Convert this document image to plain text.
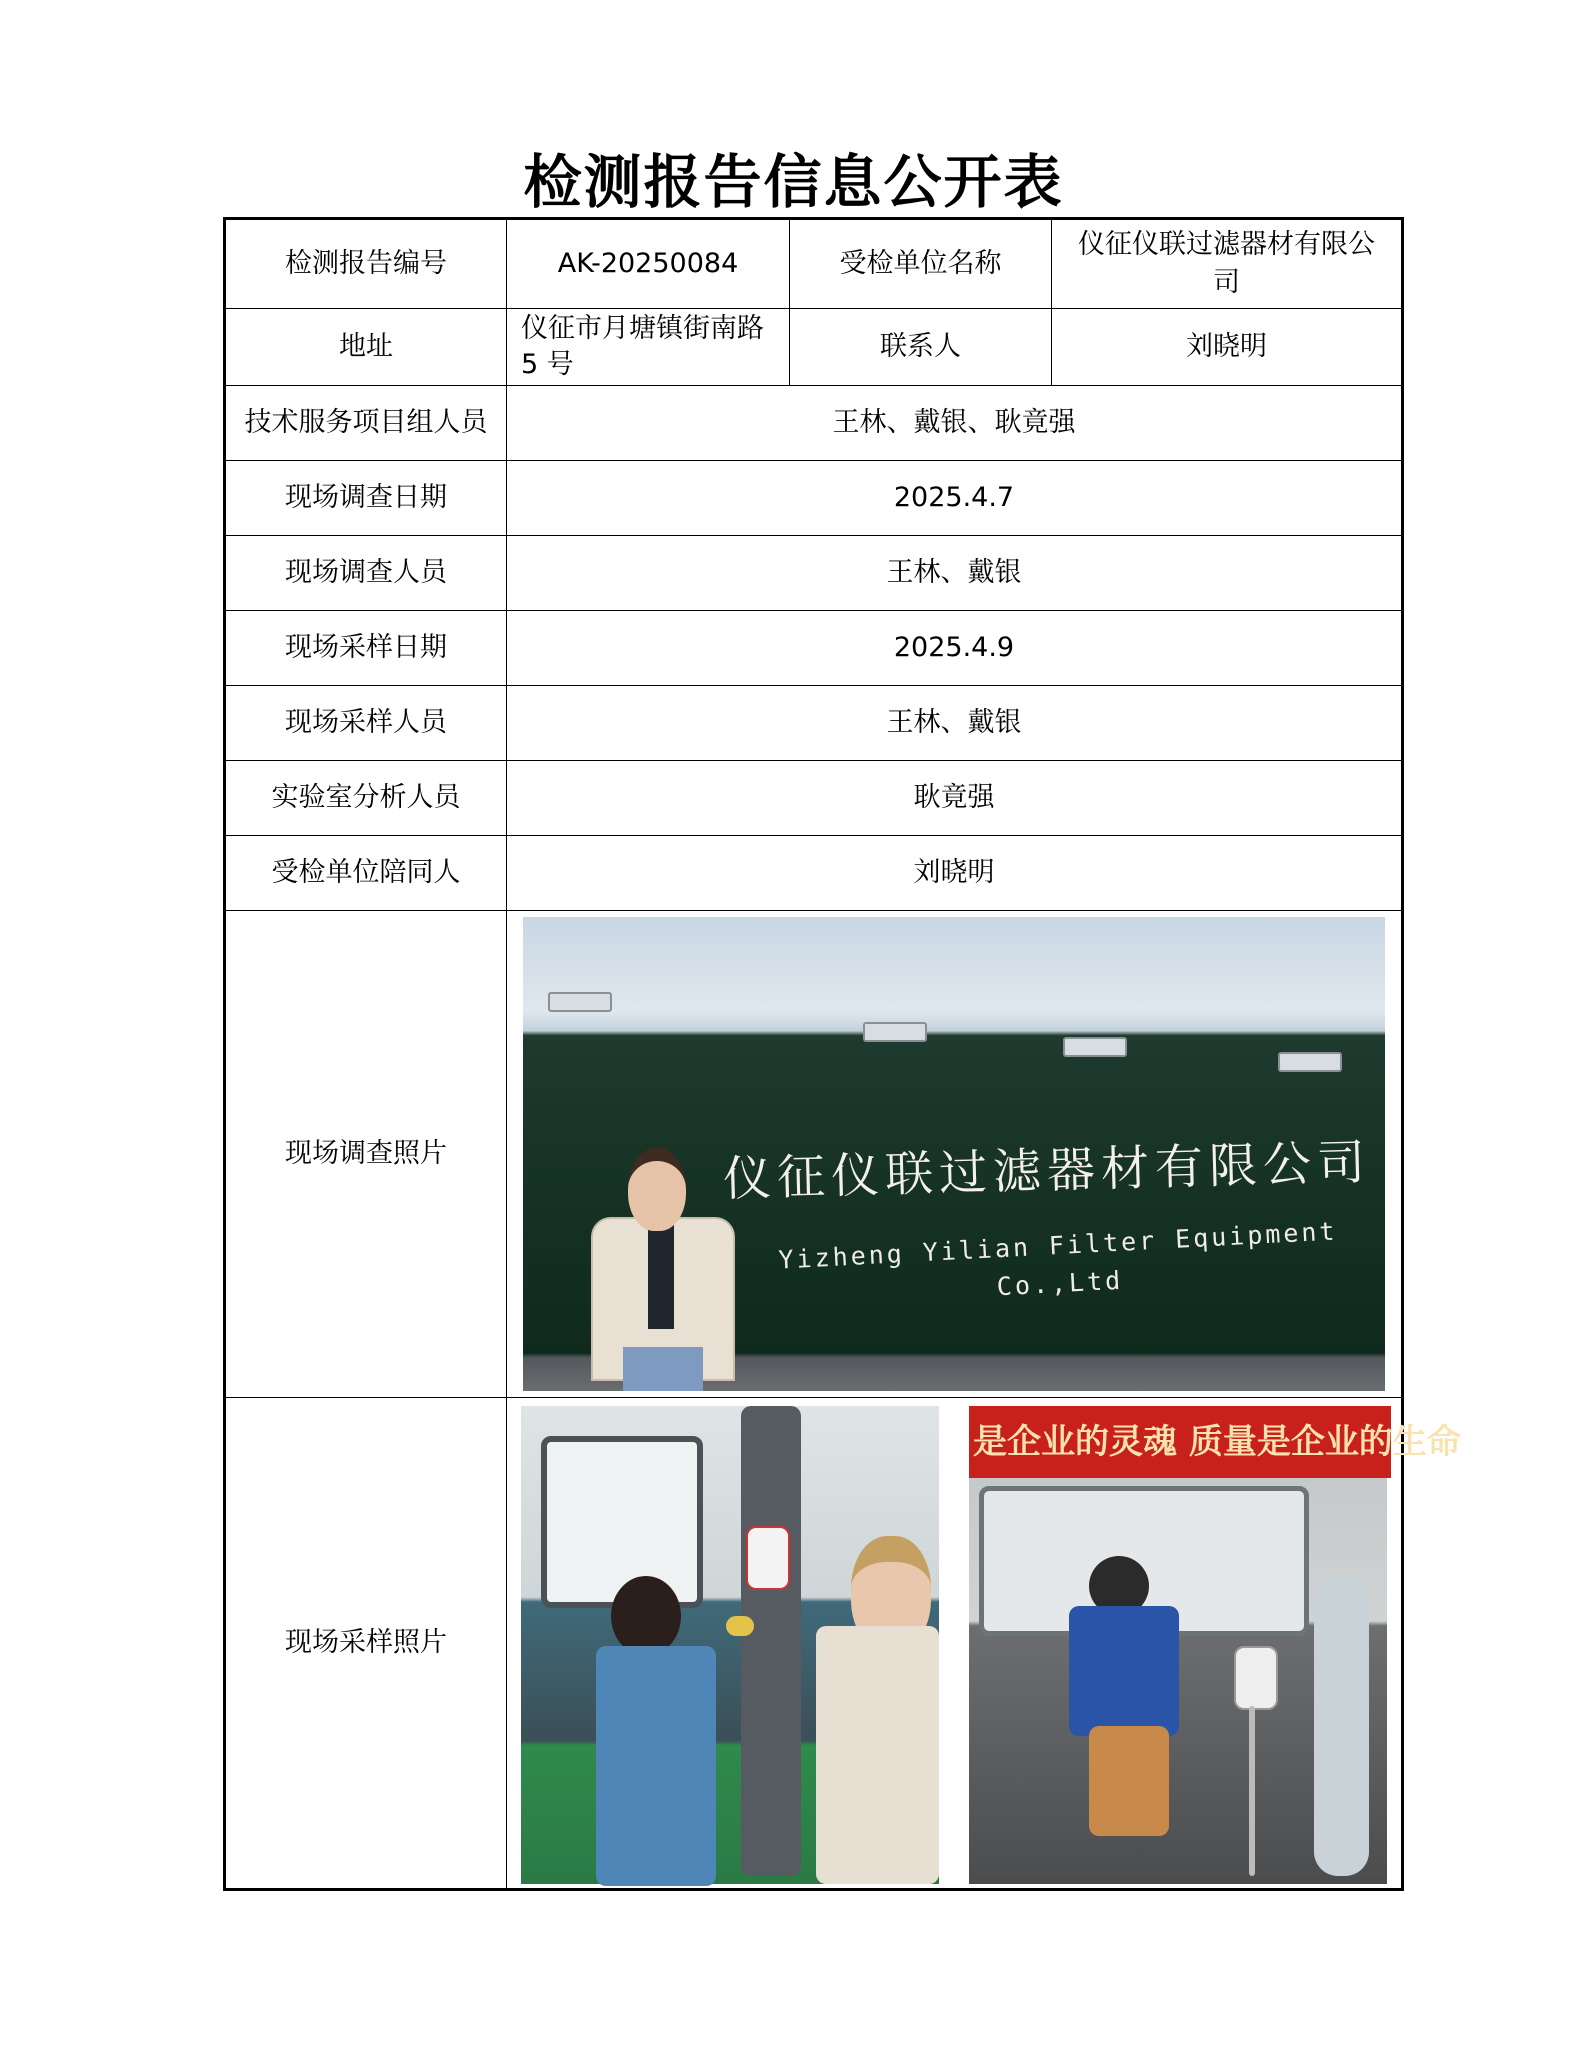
检测报告信息公开表
检测报告编号	AK-20250084	受检单位名称	仪征仪联过滤器材有限公
司

地址	仪征市月塘镇街南路
5 号	联系人	刘晓明
技术服务项目组人员	王林、戴银、耿竟强		
现场调查日期	2025.4.7		
现场调查人员	王林、戴银		
现场采样日期	2025.4.9		
现场采样人员	王林、戴银		
实验室分析人员	耿竟强		
受检单位陪同人	刘晓明		
现场调查照片	仪征仪联过滤器材有限公司
Yizheng Yilian Filter Equipment Co.,Ltd		

现场采样照片	是企业的灵魂 质量是企业的生命		
